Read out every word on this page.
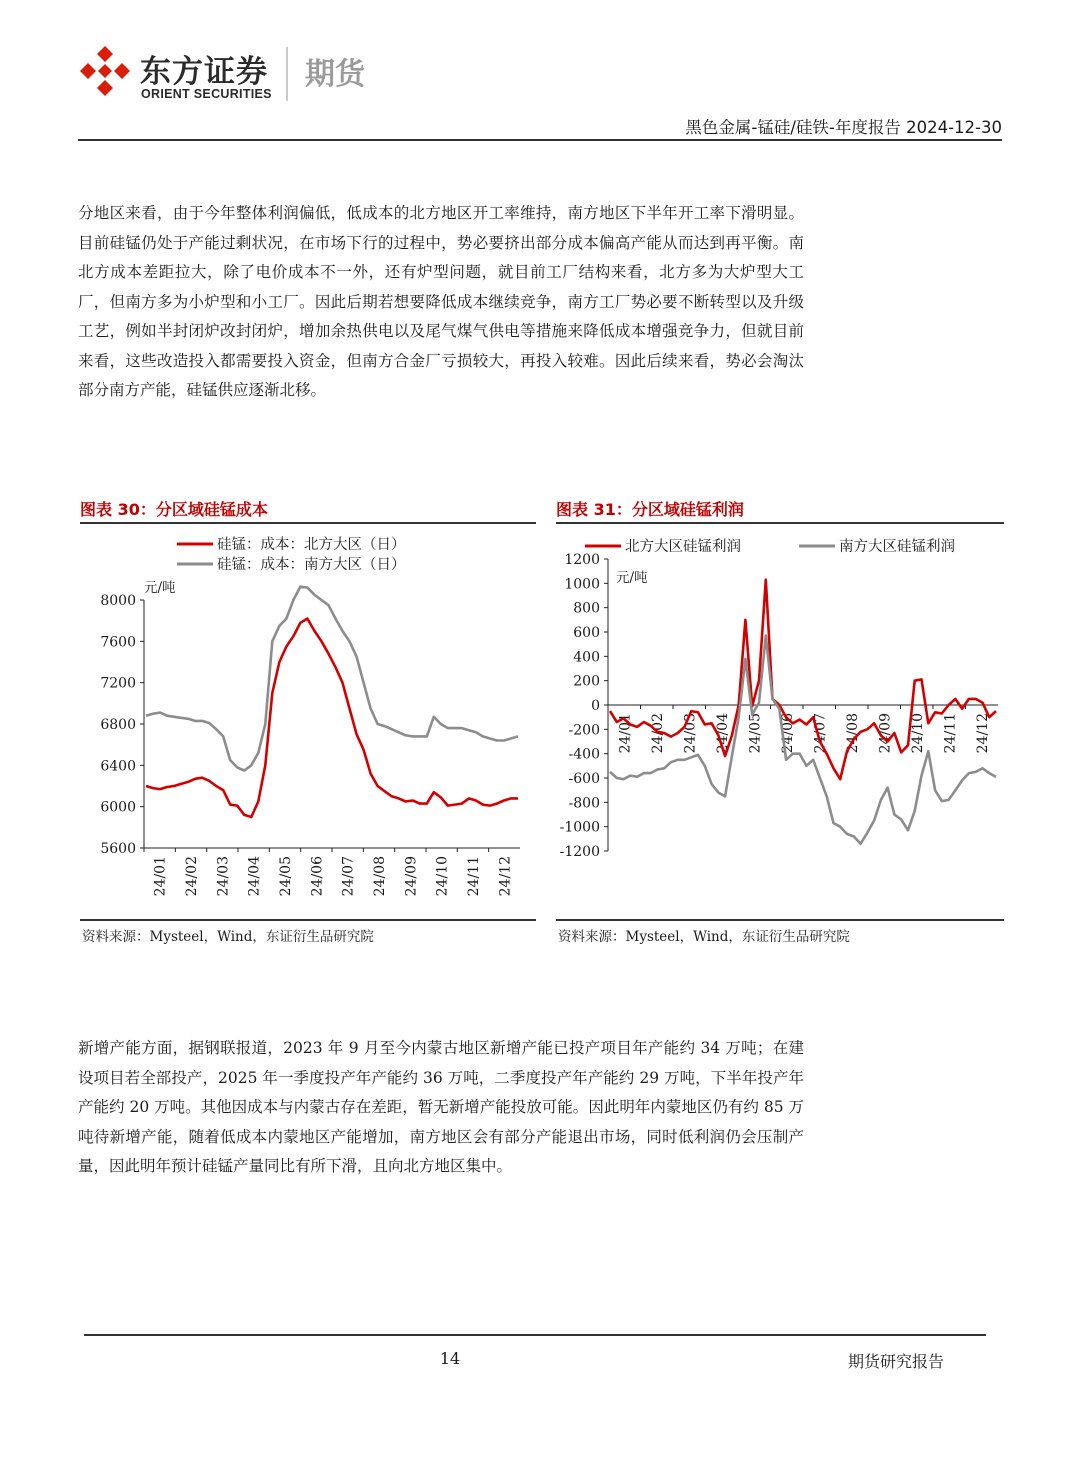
东方证券
ORIENT SECURITIES
期货
黑色金属-锰硅/硅铁-年度报告 2024-12-30
分地区来看，由于今年整体利润偏低，低成本的北方地区开工率维持，南方地区下半年开工率下滑明显。目前硅锰仍处于产能过剩状况，在市场下行的过程中，势必要挤出部分成本偏高产能从而达到再平衡。南北方成本差距拉大，除了电价成本不一外，还有炉型问题，就目前工厂结构来看，北方多为大炉型大工厂，但南方多为小炉型和小工厂。因此后期若想要降低成本继续竞争，南方工厂势必要不断转型以及升级工艺，例如半封闭炉改封闭炉，增加余热供电以及尾气煤气供电等措施来降低成本增强竞争力，但就目前来看，这些改造投入都需要投入资金，但南方合金厂亏损较大，再投入较难。因此后续来看，势必会淘汰部分南方产能，硅锰供应逐渐北移。
图表 30：分区域硅锰成本
硅锰：成本：北方大区（日）
硅锰：成本：南方大区（日）
元/吨
5600
6000
6400
6800
7200
7600
8000
24/01 24/02 24/03 24/04 24/05 24/06 24/07 24/08 24/09 24/10 24/11 24/12
资料来源：Mysteel，Wind，东证衍生品研究院
图表 31：分区域硅锰利润
北方大区硅锰利润	南方大区硅锰利润
元/吨
-1200
-1000
-800
-600
-400
-200
0
200
400
600
800
1000
1200
24/01 24/02 24/03 24/04 24/05 24/06 24/07 24/08 24/09 24/10 24/11 24/12
资料来源：Mysteel，Wind，东证衍生品研究院
新增产能方面，据钢联报道，2023 年 9 月至今内蒙古地区新增产能已投产项目年产能约 34 万吨；在建设项目若全部投产，2025 年一季度投产年产能约 36 万吨，二季度投产年产能约 29 万吨，下半年投产年产能约 20 万吨。其他因成本与内蒙古存在差距，暂无新增产能投放可能。因此明年内蒙地区仍有约 85 万吨待新增产能，随着低成本内蒙地区产能增加，南方地区会有部分产能退出市场，同时低利润仍会压制产量，因此明年预计硅锰产量同比有所下滑，且向北方地区集中。
14	期货研究报告
